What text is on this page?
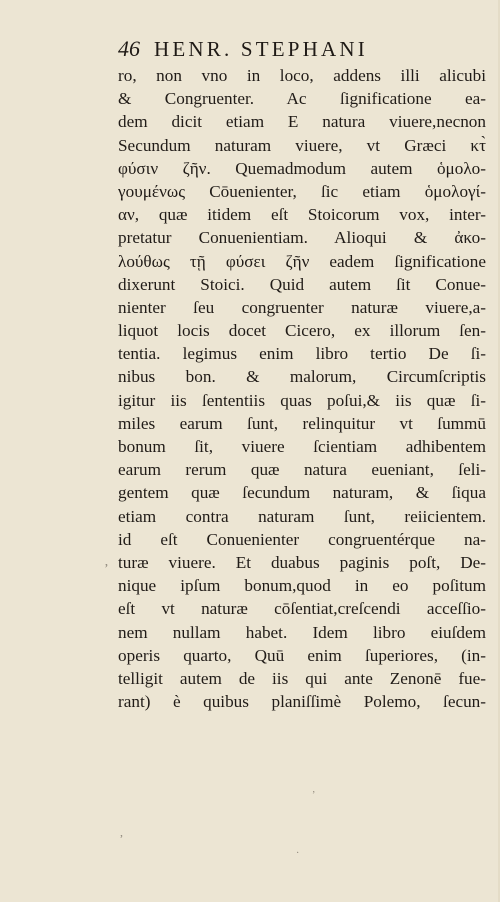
46 HENR. STEPHANI
ro, non vno in loco, addens illi alicubi
& Congruenter. Ac ſignificatione ea-
dem dicit etiam E natura viuere,necnon
Secundum naturam viuere, vt Græci κτ̀
φύσιν ζῆν. Quemadmodum autem ὁμολο-
γουμένως Cōuenienter, ſic etiam ὁμολογί-
αν, quæ itidem eſt Stoicorum vox, inter-
pretatur Conuenientiam. Alioqui & ἀκο-
λούθως τῇ φύσει ζῆν eadem ſignificatione
dixerunt Stoici. Quid autem ſit Conue-
nienter ſeu congruenter naturæ viuere,a-
liquot locis docet Cicero, ex illorum ſen-
tentia. legimus enim libro tertio De ſi-
nibus bon. & malorum, Circumſcriptis
igitur iis ſententiis quas poſui,& iis quæ ſi-
miles earum ſunt, relinquitur vt ſummū
bonum ſit, viuere ſcientiam adhibentem
earum rerum quæ natura eueniant, ſeli-
gentem quæ ſecundum naturam, & ſiqua
etiam contra naturam ſunt, reiicientem.
id eſt Conuenienter congruentérque na-
turæ viuere. Et duabus paginis poſt, De-
nique ipſum bonum,quod in eo poſitum
eſt vt naturæ cōſentiat,creſcendi acceſſio-
nem nullam habet. Idem libro eiuſdem
operis quarto, Quū enim ſuperiores, (in-
telligit autem de iis qui ante Zenonē fue-
rant) è quibus planiſſimè Polemo, ſecun-
’
,
·
’
